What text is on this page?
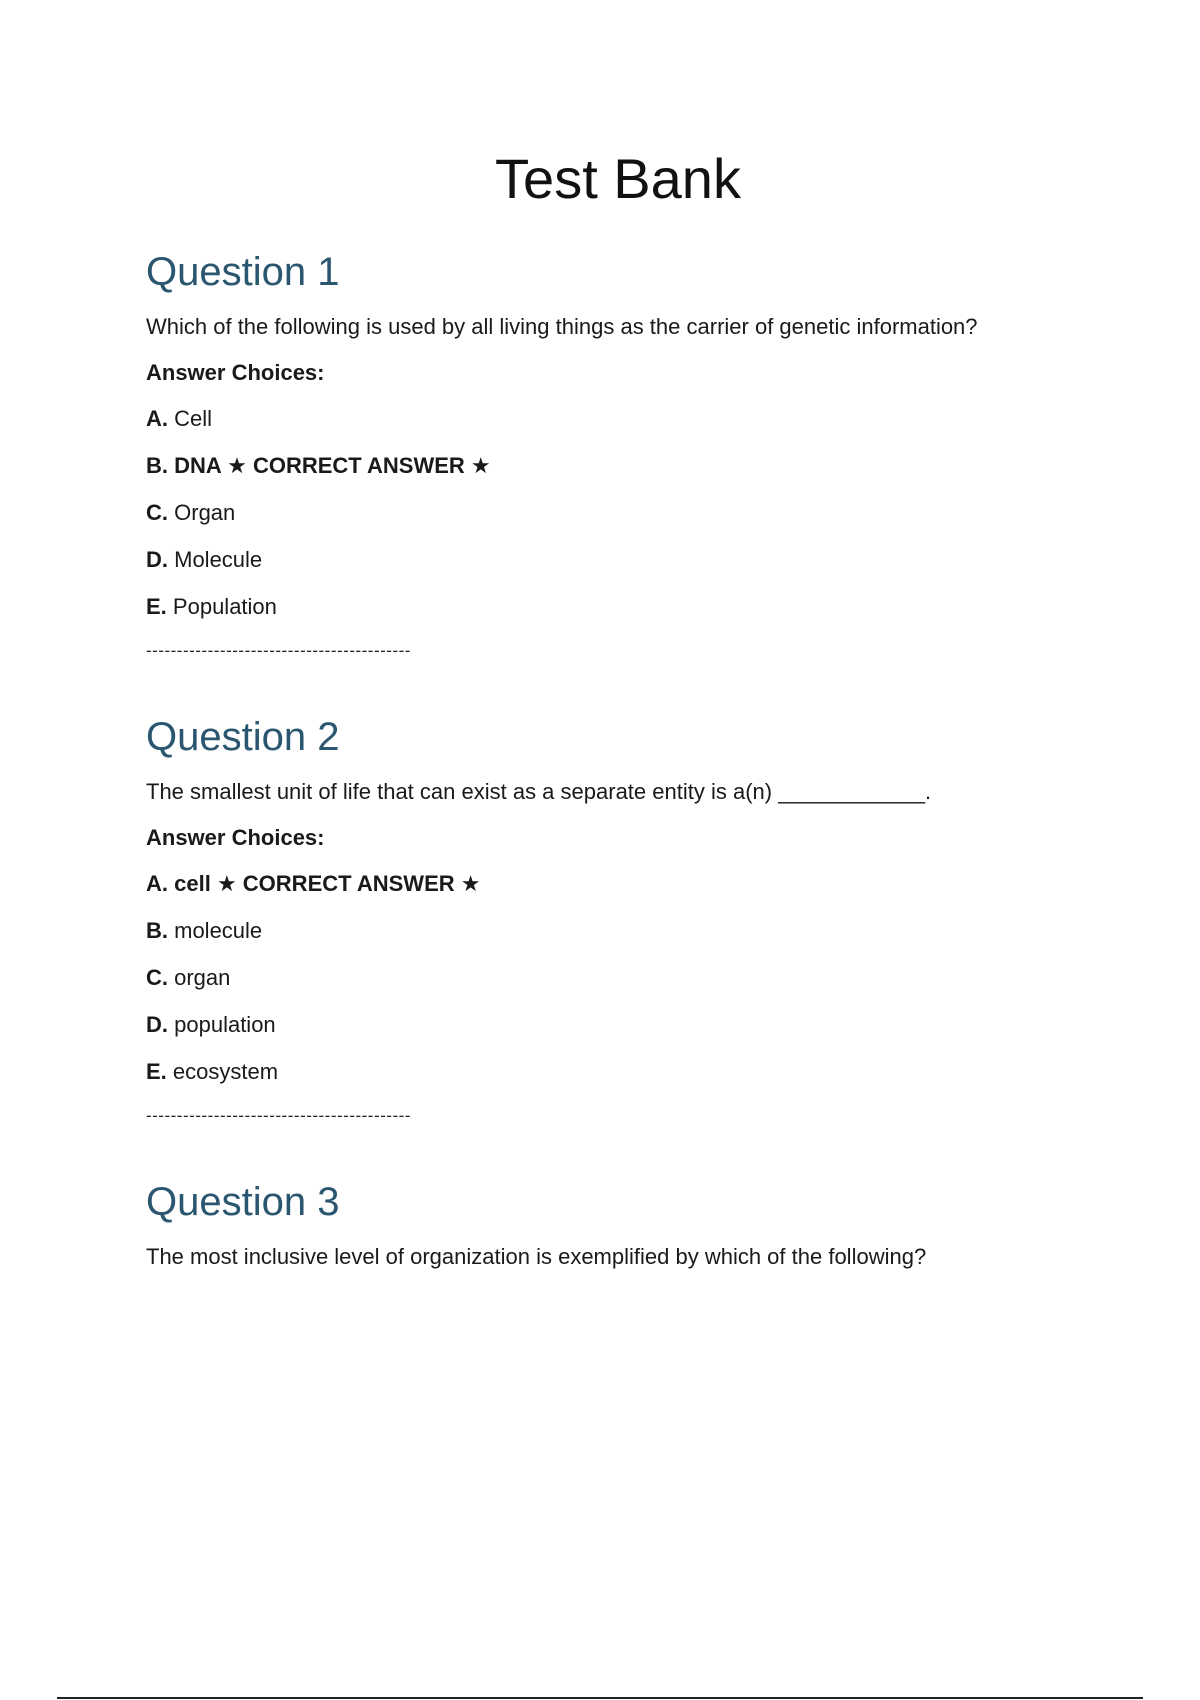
Test Bank
Question 1

Which of the following is used by all living things as the carrier of genetic information?

Answer Choices:

A. Cell

B. DNA ★ CORRECT ANSWER ★

C. Organ

D. Molecule

E. Population

-------------------------------------------

Question 2

The smallest unit of life that can exist as a separate entity is a(n) ____________.

Answer Choices:

A. cell ★ CORRECT ANSWER ★

B. molecule

C. organ

D. population

E. ecosystem

-------------------------------------------

Question 3

The most inclusive level of organization is exemplified by which of the following?
